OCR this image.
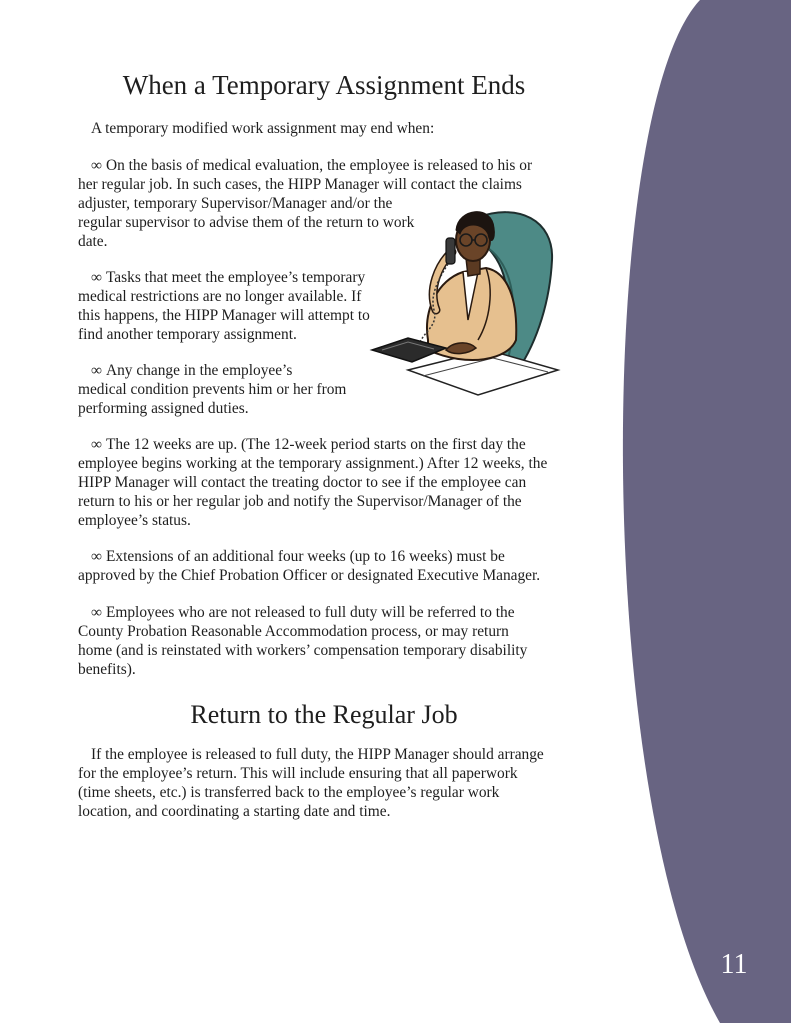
11
When a Temporary Assignment Ends

A temporary modified work assignment may end when:

∞ On the basis of medical evaluation, the employee is released to his or
her regular job. In such cases, the HIPP Manager will contact the claims
adjuster, temporary Supervisor/Manager and/or the
regular supervisor to advise them of the return to work
date.

∞ Tasks that meet the employee’s temporary
medical restrictions are no longer available. If
this happens, the HIPP Manager will attempt to
find another temporary assignment.

∞ Any change in the employee’s
medical condition prevents him or her from
performing assigned duties.

∞ The 12 weeks are up. (The 12-week period starts on the first day the
employee begins working at the temporary assignment.) After 12 weeks, the
HIPP Manager will contact the treating doctor to see if the employee can
return to his or her regular job and notify the Supervisor/Manager of the
employee’s status.

∞ Extensions of an additional four weeks (up to 16 weeks) must be
approved by the Chief Probation Officer or designated Executive Manager.

∞ Employees who are not released to full duty will be referred to the
County Probation Reasonable Accommodation process, or may return
home (and is reinstated with workers’ compensation temporary disability
benefits).

Return to the Regular Job

If the employee is released to full duty, the HIPP Manager should arrange
for the employee’s return. This will include ensuring that all paperwork
(time sheets, etc.) is transferred back to the employee’s regular work
location, and coordinating a starting date and time.
